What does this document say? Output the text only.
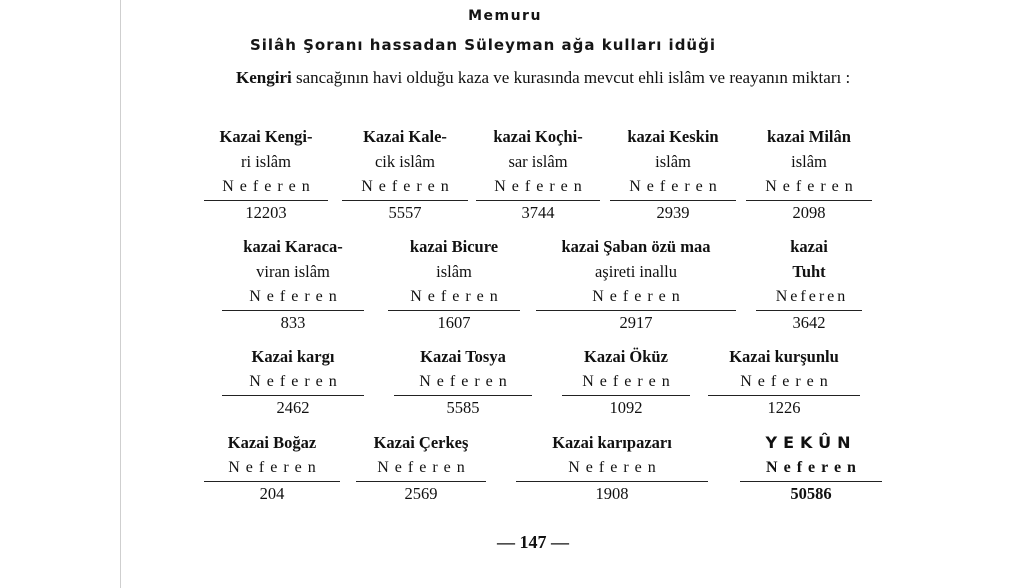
Memuru
Silâh Şoranı hassadan Süleyman ağa kulları idüği
Kengiri sancağının havi olduğu kaza ve kurasında mevcut ehli islâm ve reayanın miktarı :
Kazai Kengi-
ri islâm
Neferen
12203
Kazai Kale-
cik islâm
Neferen
5557
kazai Koçhi-
sar islâm
Neferen
3744
kazai Keskin
islâm
Neferen
2939
kazai Milân
islâm
Neferen
2098
kazai Karaca-
viran islâm
Neferen
833
kazai Bicure
islâm
Neferen
1607
kazai Şaban özü maa
aşireti inallu
Neferen
2917
kazai
Tuht
Neferen
3642
Kazai kargı
Neferen
2462
Kazai Tosya
Neferen
5585
Kazai Öküz
Neferen
1092
Kazai kurşunlu
Neferen
1226
Kazai Boğaz
Neferen
204
Kazai Çerkeş
Neferen
2569
Kazai karıpazarı
Neferen
1908
YEKÛN
Neferen
50586
— 147 —
